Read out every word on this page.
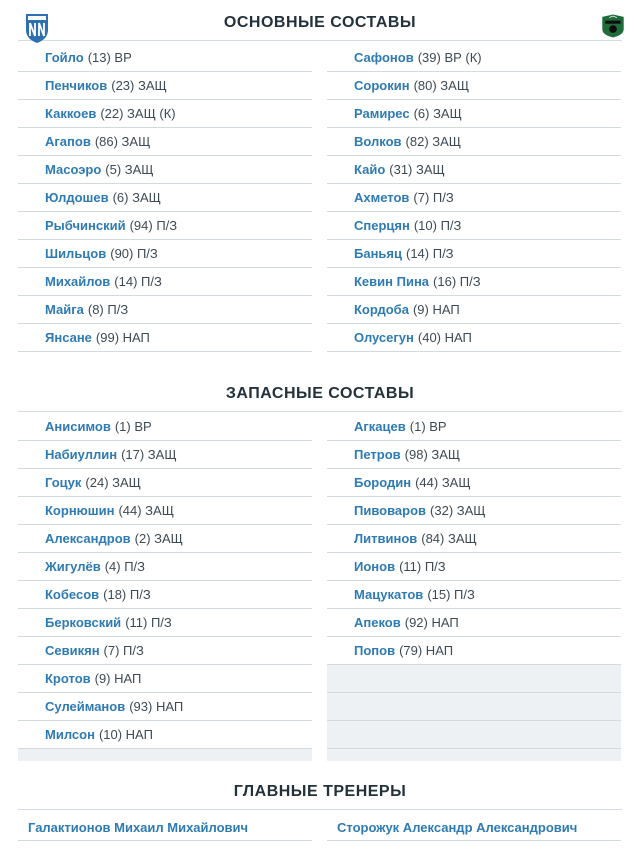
ОСНОВНЫЕ СОСТАВЫ
Гойло (13) ВР
Пенчиков (23) ЗАЩ
Каккоев (22) ЗАЩ (К)
Агапов (86) ЗАЩ
Масоэро (5) ЗАЩ
Юлдошев (6) ЗАЩ
Рыбчинский (94) П/З
Шильцов (90) П/З
Михайлов (14) П/З
Майга (8) П/З
Янсане (99) НАП
Сафонов (39) ВР (К)
Сорокин (80) ЗАЩ
Рамирес (6) ЗАЩ
Волков (82) ЗАЩ
Кайо (31) ЗАЩ
Ахметов (7) П/З
Сперцян (10) П/З
Баньяц (14) П/З
Кевин Пина (16) П/З
Кордоба (9) НАП
Олусегун (40) НАП
ЗАПАСНЫЕ СОСТАВЫ
Анисимов (1) ВР
Набиуллин (17) ЗАЩ
Гоцук (24) ЗАЩ
Корнюшин (44) ЗАЩ
Александров (2) ЗАЩ
Жигулёв (4) П/З
Кобесов (18) П/З
Берковский (11) П/З
Севикян (7) П/З
Кротов (9) НАП
Сулейманов (93) НАП
Милсон (10) НАП
Агкацев (1) ВР
Петров (98) ЗАЩ
Бородин (44) ЗАЩ
Пивоваров (32) ЗАЩ
Литвинов (84) ЗАЩ
Ионов (11) П/З
Мацукатов (15) П/З
Апеков (92) НАП
Попов (79) НАП
ГЛАВНЫЕ ТРЕНЕРЫ
Галактионов Михаил Михайлович	Сторожук Александр Александрович
